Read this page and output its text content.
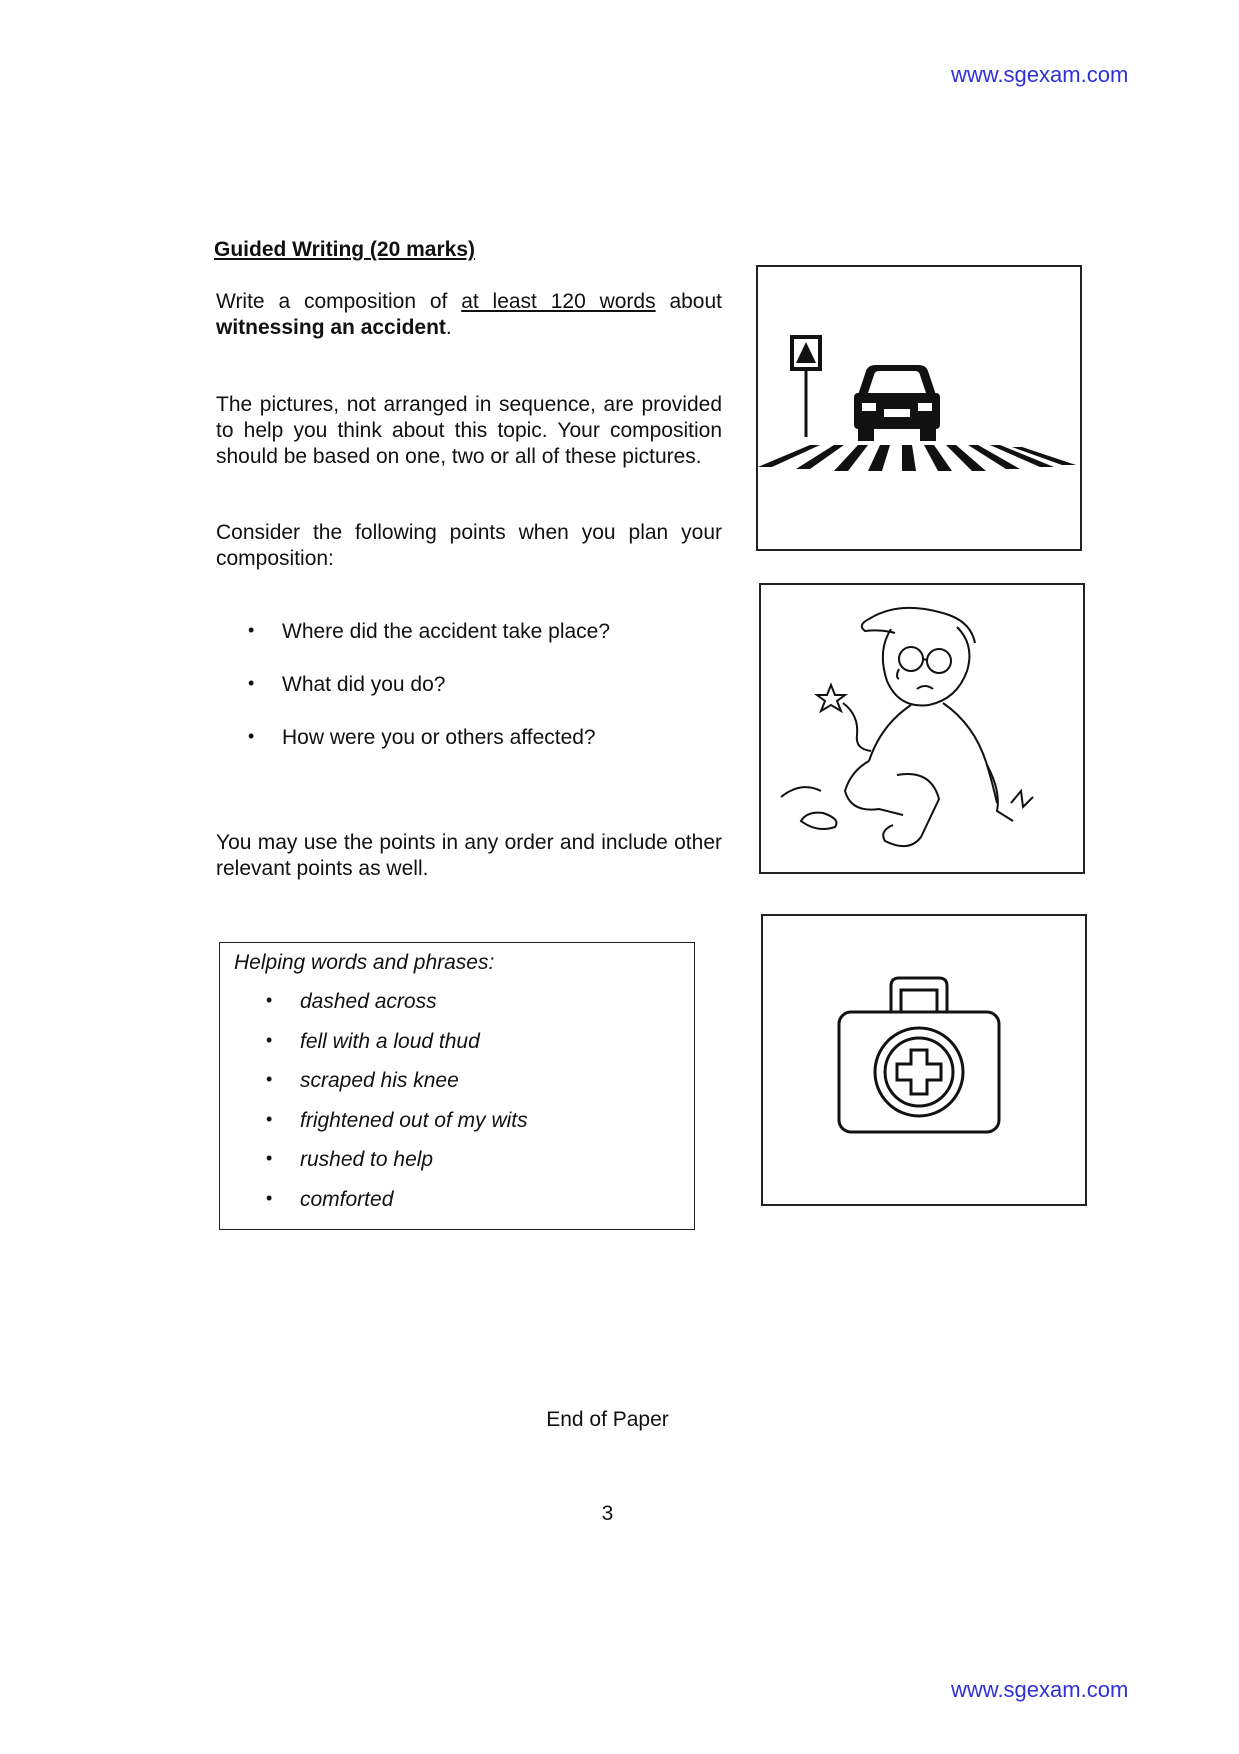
www.sgexam.com
Guided Writing (20 marks)
Write a composition of at least 120 words about witnessing an accident.
The pictures, not arranged in sequence, are provided to help you think about this topic. Your composition should be based on one, two or all of these pictures.
Consider the following points when you plan your composition:
• Where did the accident take place?
• What did you do?
• How were you or others affected?
You may use the points in any order and include other relevant points as well.
Helping words and phrases:
• dashed across
• fell with a loud thud
• scraped his knee
• frightened out of my wits
• rushed to help
• comforted
End of Paper
3
www.sgexam.com
